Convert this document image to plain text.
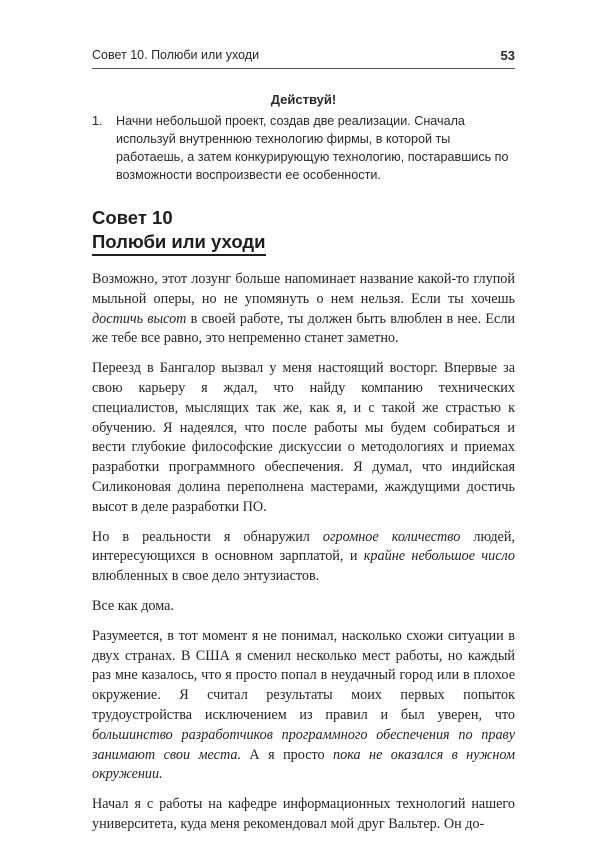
Совет 10. Полюби или уходи	53
Действуй!
1. Начни небольшой проект, создав две реализации. Сначала используй внутреннюю технологию фирмы, в которой ты работаешь, а затем конкурирующую технологию, постаравшись по возможности воспроизвести ее особенности.
Совет 10
Полюби или уходи

Возможно, этот лозунг больше напоминает название какой-то глупой мыльной оперы, но не упомянуть о нем нельзя. Если ты хочешь достичь высот в своей работе, ты должен быть влюблен в нее. Если же тебе все равно, это непременно станет заметно.

Переезд в Бангалор вызвал у меня настоящий восторг. Впервые за свою карьеру я ждал, что найду компанию технических специалистов, мыслящих так же, как я, и с такой же страстью к обучению. Я надеялся, что после работы мы будем собираться и вести глубокие философские дискуссии о методологиях и приемах разработки программного обеспечения. Я думал, что индийская Силиконовая долина переполнена мастерами, жаждущими достичь высот в деле разработки ПО.

Но в реальности я обнаружил огромное количество людей, интересующихся в основном зарплатой, и крайне небольшое число влюбленных в свое дело энтузиастов.

Все как дома.

Разумеется, в тот момент я не понимал, насколько схожи ситуации в двух странах. В США я сменил несколько мест работы, но каждый раз мне казалось, что я просто попал в неудачный город или в плохое окружение. Я считал результаты моих первых попыток трудоустройства исключением из правил и был уверен, что большинство разработчиков программного обеспечения по праву занимают свои места. А я просто пока не оказался в нужном окружении.

Начал я с работы на кафедре информационных технологий нашего университета, куда меня рекомендовал мой друг Вальтер. Он до-
